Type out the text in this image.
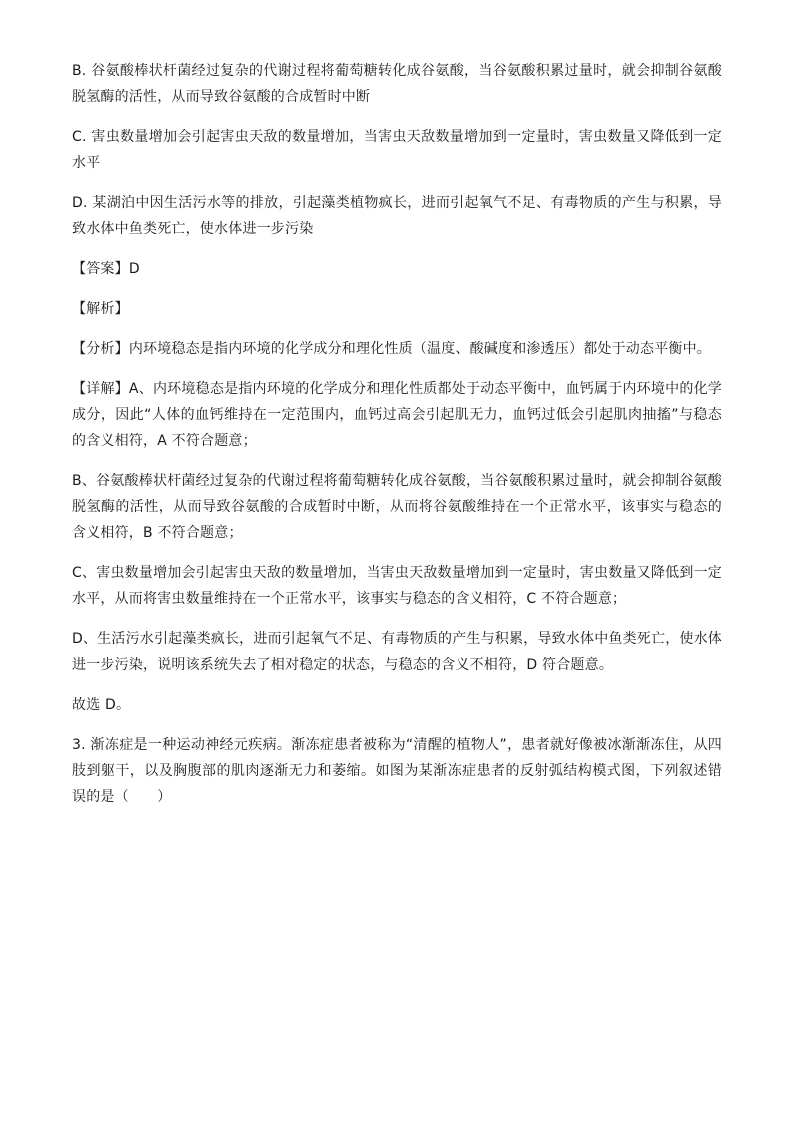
B. 谷氨酸棒状杆菌经过复杂的代谢过程将葡萄糖转化成谷氨酸，当谷氨酸积累过量时，就会抑制谷氨酸脱氢酶的活性，从而导致谷氨酸的合成暂时中断

C. 害虫数量增加会引起害虫天敌的数量增加，当害虫天敌数量增加到一定量时，害虫数量又降低到一定水平

D. 某湖泊中因生活污水等的排放，引起藻类植物疯长，进而引起氧气不足、有毒物质的产生与积累，导致水体中鱼类死亡，使水体进一步污染

【答案】D

【解析】

【分析】内环境稳态是指内环境的化学成分和理化性质（温度、酸碱度和渗透压）都处于动态平衡中。

【详解】A、内环境稳态是指内环境的化学成分和理化性质都处于动态平衡中，血钙属于内环境中的化学成分，因此“人体的血钙维持在一定范围内，血钙过高会引起肌无力，血钙过低会引起肌肉抽搐”与稳态的含义相符，A 不符合题意；

B、谷氨酸棒状杆菌经过复杂的代谢过程将葡萄糖转化成谷氨酸，当谷氨酸积累过量时，就会抑制谷氨酸脱氢酶的活性，从而导致谷氨酸的合成暂时中断，从而将谷氨酸维持在一个正常水平，该事实与稳态的含义相符，B 不符合题意；

C、害虫数量增加会引起害虫天敌的数量增加，当害虫天敌数量增加到一定量时，害虫数量又降低到一定水平，从而将害虫数量维持在一个正常水平，该事实与稳态的含义相符，C 不符合题意；

D、生活污水引起藻类疯长，进而引起氧气不足、有毒物质的产生与积累，导致水体中鱼类死亡，使水体进一步污染，说明该系统失去了相对稳定的状态，与稳态的含义不相符，D 符合题意。

故选 D。

3. 渐冻症是一种运动神经元疾病。渐冻症患者被称为“清醒的植物人”，患者就好像被冰渐渐冻住，从四肢到躯干，以及胸腹部的肌肉逐渐无力和萎缩。如图为某渐冻症患者的反射弧结构模式图，下列叙述错误的是（　　）
